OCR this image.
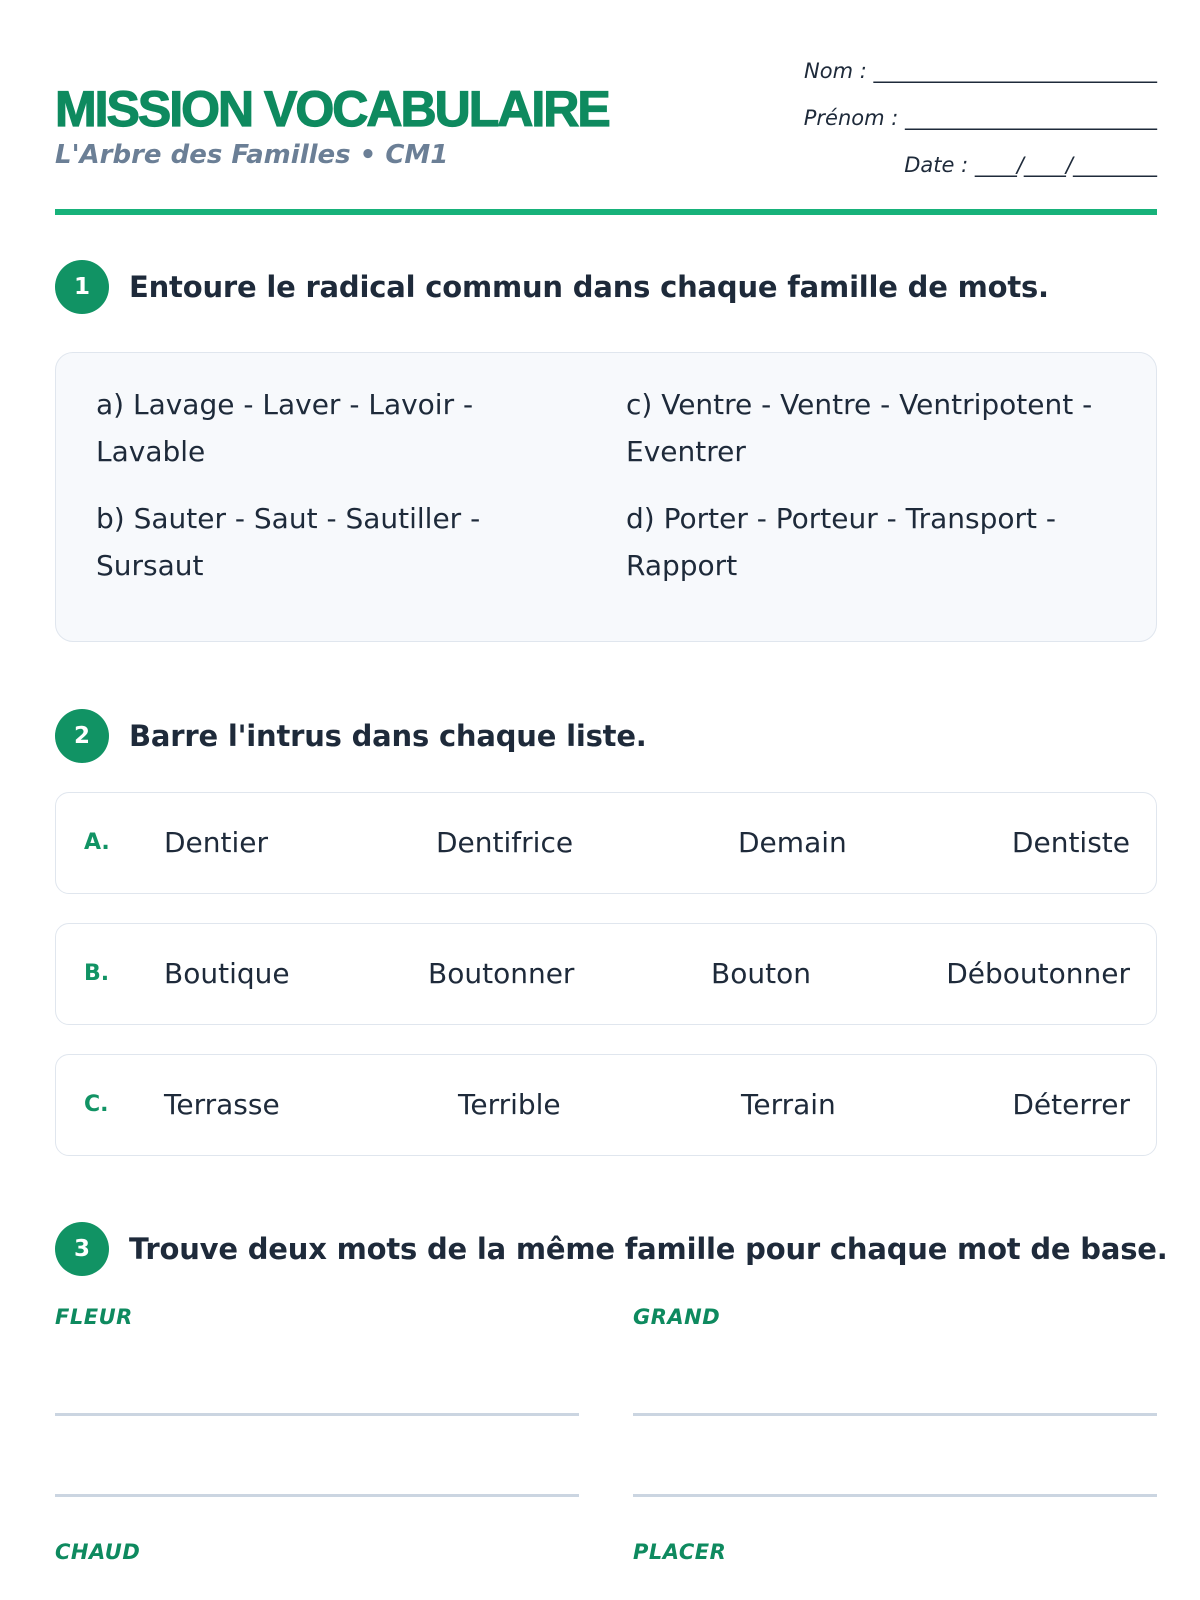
MISSION VOCABULAIRE
L'Arbre des Familles • CM1
Nom : ___________________________
Prénom : ________________________
Date : ____/____/________
1	Entoure le radical commun dans chaque famille de mots.
a) Lavage - Laver - Lavoir -
Lavable
b) Sauter - Saut - Sautiller -
Sursaut
c) Ventre - Ventre - Ventripotent -
Eventrer
d) Porter - Porteur - Transport -
Rapport
2	Barre l'intrus dans chaque liste.
A. Dentier	Dentifrice	Demain	Dentiste
B. Boutique	Boutonner	Bouton	Déboutonner
C. Terrasse	Terrible	Terrain	Déterrer
3	Trouve deux mots de la même famille pour chaque mot de base.
FLEUR	GRAND
CHAUD	PLACER
